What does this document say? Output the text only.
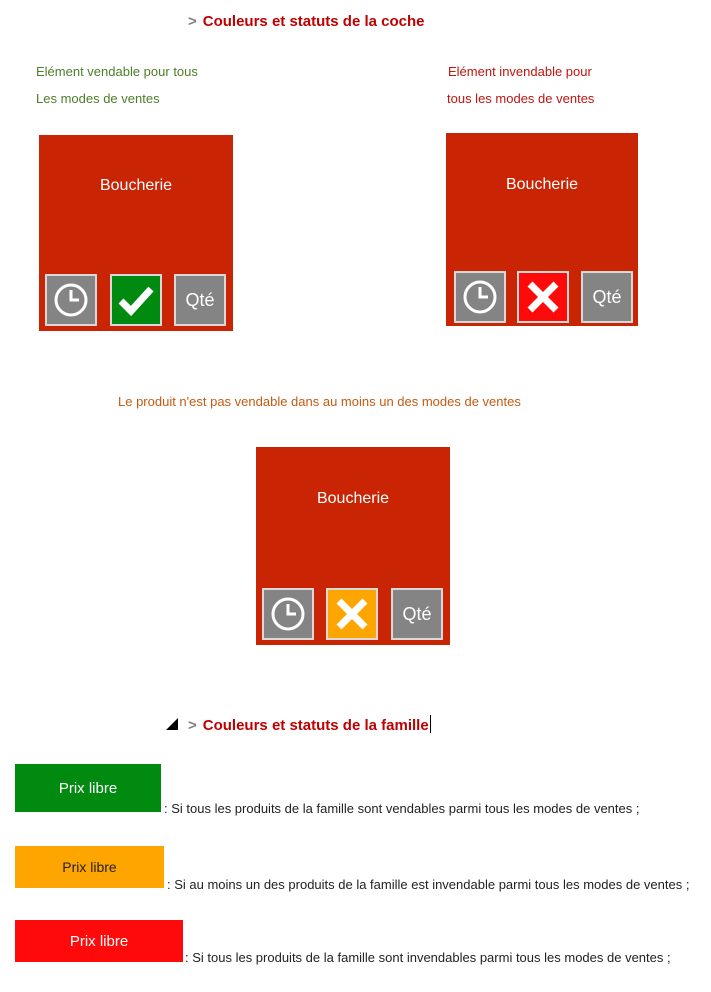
> Couleurs et statuts de la coche
Elément vendable pour tous
Les modes de ventes
Elément invendable pour
tous les modes de ventes
Boucherie
Qté
Boucherie
Qté
Le produit n'est pas vendable dans au moins un des modes de ventes
Boucherie
Qté
> Couleurs et statuts de la famille
Prix libre
: Si tous les produits de la famille sont vendables parmi tous les modes de ventes ;
Prix libre
: Si au moins un des produits de la famille est invendable parmi tous les modes de ventes ;
Prix libre
: Si tous les produits de la famille sont invendables parmi tous les modes de ventes ;
